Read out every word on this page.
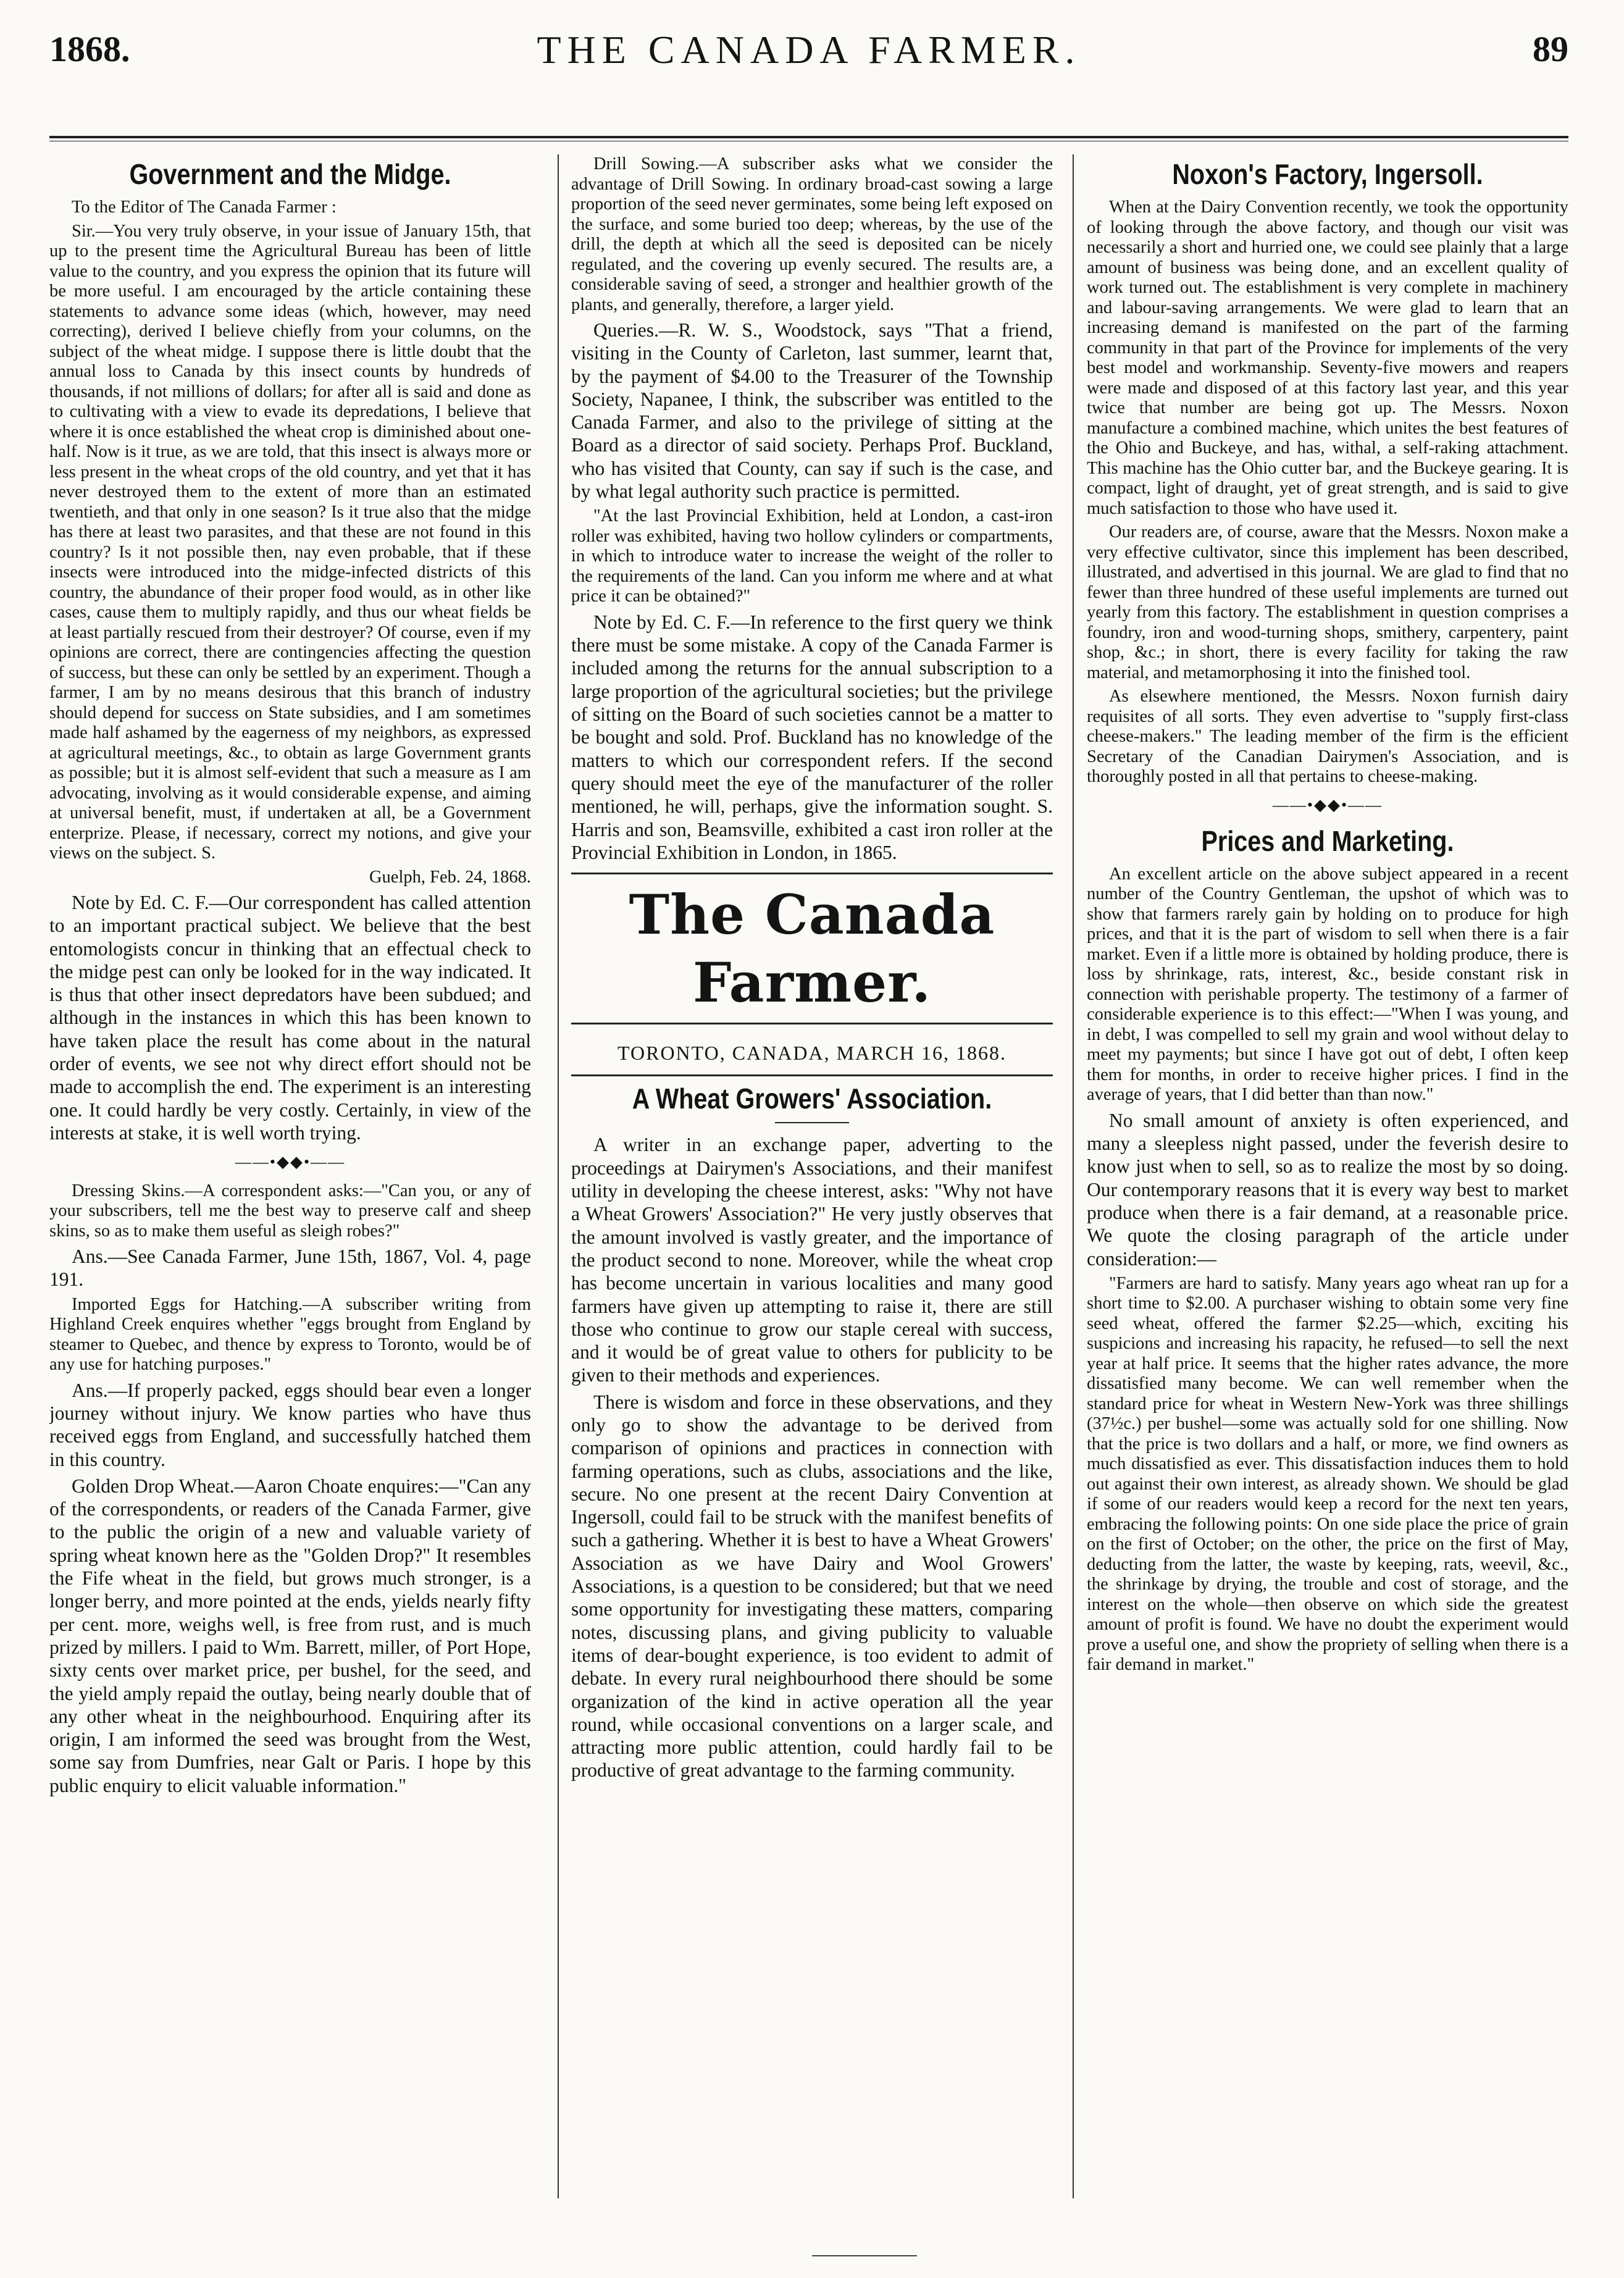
1868.	THE CANADA FARMER.	89
Government and the Midge.

To the Editor of The Canada Farmer :

Sir.—You very truly observe, in your issue of January 15th, that up to the present time the Agricultural Bureau has been of little value to the country, and you express the opinion that its future will be more useful. I am encouraged by the article containing these statements to advance some ideas (which, however, may need correcting), derived I believe chiefly from your columns, on the subject of the wheat midge. I suppose there is little doubt that the annual loss to Canada by this insect counts by hundreds of thousands, if not millions of dollars; for after all is said and done as to cultivating with a view to evade its depredations, I believe that where it is once established the wheat crop is diminished about one-half. Now is it true, as we are told, that this insect is always more or less present in the wheat crops of the old country, and yet that it has never destroyed them to the extent of more than an estimated twentieth, and that only in one season? Is it true also that the midge has there at least two parasites, and that these are not found in this country? Is it not possible then, nay even probable, that if these insects were introduced into the midge-infected districts of this country, the abundance of their proper food would, as in other like cases, cause them to multiply rapidly, and thus our wheat fields be at least partially rescued from their destroyer? Of course, even if my opinions are correct, there are contingencies affecting the question of success, but these can only be settled by an experiment. Though a farmer, I am by no means desirous that this branch of industry should depend for success on State subsidies, and I am sometimes made half ashamed by the eagerness of my neighbors, as expressed at agricultural meetings, &c., to obtain as large Government grants as possible; but it is almost self-evident that such a measure as I am advocating, involving as it would considerable expense, and aiming at universal benefit, must, if undertaken at all, be a Government enterprize. Please, if necessary, correct my notions, and give your views on the subject. S.

Guelph, Feb. 24, 1868.

Note by Ed. C. F.—Our correspondent has called attention to an important practical subject. We believe that the best entomologists concur in thinking that an effectual check to the midge pest can only be looked for in the way indicated. It is thus that other insect depredators have been subdued; and although in the instances in which this has been known to have taken place the result has come about in the natural order of events, we see not why direct effort should not be made to accomplish the end. The experiment is an interesting one. It could hardly be very costly. Certainly, in view of the interests at stake, it is well worth trying.

——•◆◆•——

Dressing Skins.—A correspondent asks:—"Can you, or any of your subscribers, tell me the best way to preserve calf and sheep skins, so as to make them useful as sleigh robes?"

Ans.—See Canada Farmer, June 15th, 1867, Vol. 4, page 191.

Imported Eggs for Hatching.—A subscriber writing from Highland Creek enquires whether "eggs brought from England by steamer to Quebec, and thence by express to Toronto, would be of any use for hatching purposes."

Ans.—If properly packed, eggs should bear even a longer journey without injury. We know parties who have thus received eggs from England, and successfully hatched them in this country.

Golden Drop Wheat.—Aaron Choate enquires:—"Can any of the correspondents, or readers of the Canada Farmer, give to the public the origin of a new and valuable variety of spring wheat known here as the "Golden Drop?" It resembles the Fife wheat in the field, but grows much stronger, is a longer berry, and more pointed at the ends, yields nearly fifty per cent. more, weighs well, is free from rust, and is much prized by millers. I paid to Wm. Barrett, miller, of Port Hope, sixty cents over market price, per bushel, for the seed, and the yield amply repaid the outlay, being nearly double that of any other wheat in the neighbourhood. Enquiring after its origin, I am informed the seed was brought from the West, some say from Dumfries, near Galt or Paris. I hope by this public enquiry to elicit valuable information."

Drill Sowing.—A subscriber asks what we consider the advantage of Drill Sowing. In ordinary broad-cast sowing a large proportion of the seed never germinates, some being left exposed on the surface, and some buried too deep; whereas, by the use of the drill, the depth at which all the seed is deposited can be nicely regulated, and the covering up evenly secured. The results are, a considerable saving of seed, a stronger and healthier growth of the plants, and generally, therefore, a larger yield.

Queries.—R. W. S., Woodstock, says "That a friend, visiting in the County of Carleton, last summer, learnt that, by the payment of $4.00 to the Treasurer of the Township Society, Napanee, I think, the subscriber was entitled to the Canada Farmer, and also to the privilege of sitting at the Board as a director of said society. Perhaps Prof. Buckland, who has visited that County, can say if such is the case, and by what legal authority such practice is permitted.

"At the last Provincial Exhibition, held at London, a cast-iron roller was exhibited, having two hollow cylinders or compartments, in which to introduce water to increase the weight of the roller to the requirements of the land. Can you inform me where and at what price it can be obtained?"

Note by Ed. C. F.—In reference to the first query we think there must be some mistake. A copy of the Canada Farmer is included among the returns for the annual subscription to a large proportion of the agricultural societies; but the privilege of sitting on the Board of such societies cannot be a matter to be bought and sold. Prof. Buckland has no knowledge of the matters to which our correspondent refers. If the second query should meet the eye of the manufacturer of the roller mentioned, he will, perhaps, give the information sought. S. Harris and son, Beamsville, exhibited a cast iron roller at the Provincial Exhibition in London, in 1865.

The Canada Farmer.

TORONTO, CANADA, MARCH 16, 1868.

A Wheat Growers' Association.

A writer in an exchange paper, adverting to the proceedings at Dairymen's Associations, and their manifest utility in developing the cheese interest, asks: "Why not have a Wheat Growers' Association?" He very justly observes that the amount involved is vastly greater, and the importance of the product second to none. Moreover, while the wheat crop has become uncertain in various localities and many good farmers have given up attempting to raise it, there are still those who continue to grow our staple cereal with success, and it would be of great value to others for publicity to be given to their methods and experiences.

There is wisdom and force in these observations, and they only go to show the advantage to be derived from comparison of opinions and practices in connection with farming operations, such as clubs, associations and the like, secure. No one present at the recent Dairy Convention at Ingersoll, could fail to be struck with the manifest benefits of such a gathering. Whether it is best to have a Wheat Growers' Association as we have Dairy and Wool Growers' Associations, is a question to be considered; but that we need some opportunity for investigating these matters, comparing notes, discussing plans, and giving publicity to valuable items of dear-bought experience, is too evident to admit of debate. In every rural neighbourhood there should be some organization of the kind in active operation all the year round, while occasional conventions on a larger scale, and attracting more public attention, could hardly fail to be productive of great advantage to the farming community.

Noxon's Factory, Ingersoll.

When at the Dairy Convention recently, we took the opportunity of looking through the above factory, and though our visit was necessarily a short and hurried one, we could see plainly that a large amount of business was being done, and an excellent quality of work turned out. The establishment is very complete in machinery and labour-saving arrangements. We were glad to learn that an increasing demand is manifested on the part of the farming community in that part of the Province for implements of the very best model and workmanship. Seventy-five mowers and reapers were made and disposed of at this factory last year, and this year twice that number are being got up. The Messrs. Noxon manufacture a combined machine, which unites the best features of the Ohio and Buckeye, and has, withal, a self-raking attachment. This machine has the Ohio cutter bar, and the Buckeye gearing. It is compact, light of draught, yet of great strength, and is said to give much satisfaction to those who have used it.

Our readers are, of course, aware that the Messrs. Noxon make a very effective cultivator, since this implement has been described, illustrated, and advertised in this journal. We are glad to find that no fewer than three hundred of these useful implements are turned out yearly from this factory. The establishment in question comprises a foundry, iron and wood-turning shops, smithery, carpentery, paint shop, &c.; in short, there is every facility for taking the raw material, and metamorphosing it into the finished tool.

As elsewhere mentioned, the Messrs. Noxon furnish dairy requisites of all sorts. They even advertise to "supply first-class cheese-makers." The leading member of the firm is the efficient Secretary of the Canadian Dairymen's Association, and is thoroughly posted in all that pertains to cheese-making.

——•◆◆•——
Prices and Marketing.

An excellent article on the above subject appeared in a recent number of the Country Gentleman, the upshot of which was to show that farmers rarely gain by holding on to produce for high prices, and that it is the part of wisdom to sell when there is a fair market. Even if a little more is obtained by holding produce, there is loss by shrinkage, rats, interest, &c., beside constant risk in connection with perishable property. The testimony of a farmer of considerable experience is to this effect:—"When I was young, and in debt, I was compelled to sell my grain and wool without delay to meet my payments; but since I have got out of debt, I often keep them for months, in order to receive higher prices. I find in the average of years, that I did better than than now."

No small amount of anxiety is often experienced, and many a sleepless night passed, under the feverish desire to know just when to sell, so as to realize the most by so doing. Our contemporary reasons that it is every way best to market produce when there is a fair demand, at a reasonable price. We quote the closing paragraph of the article under consideration:—

"Farmers are hard to satisfy. Many years ago wheat ran up for a short time to $2.00. A purchaser wishing to obtain some very fine seed wheat, offered the farmer $2.25—which, exciting his suspicions and increasing his rapacity, he refused—to sell the next year at half price. It seems that the higher rates advance, the more dissatisfied many become. We can well remember when the standard price for wheat in Western New-York was three shillings (37½c.) per bushel—some was actually sold for one shilling. Now that the price is two dollars and a half, or more, we find owners as much dissatisfied as ever. This dissatisfaction induces them to hold out against their own interest, as already shown. We should be glad if some of our readers would keep a record for the next ten years, embracing the following points: On one side place the price of grain on the first of October; on the other, the price on the first of May, deducting from the latter, the waste by keeping, rats, weevil, &c., the shrinkage by drying, the trouble and cost of storage, and the interest on the whole—then observe on which side the greatest amount of profit is found. We have no doubt the experiment would prove a useful one, and show the propriety of selling when there is a fair demand in market."
